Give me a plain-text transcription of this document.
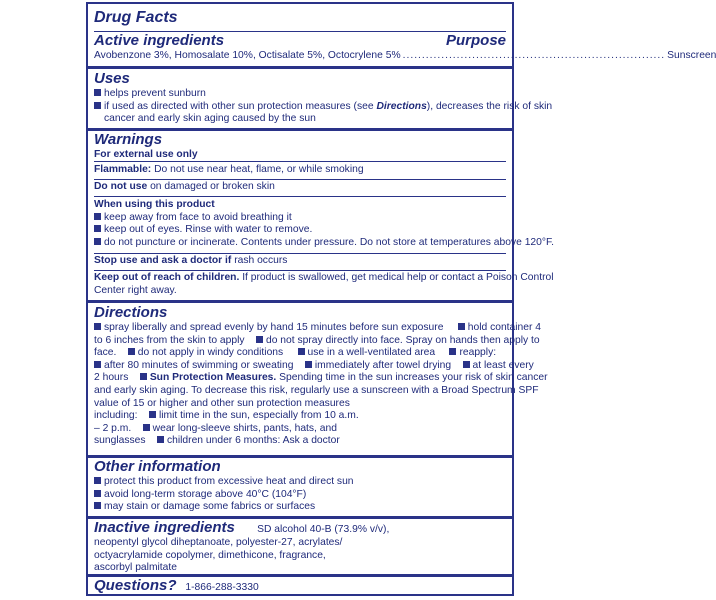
Drug Facts
Active ingredients	Purpose
Avobenzone 3%, Homosalate 10%, Octisalate 5%, Octocrylene 5% .................................................................... Sunscreen
Uses
helps prevent sunburn
if used as directed with other sun protection measures (see Directions), decreases the risk of skin
cancer and early skin aging caused by the sun
Warnings
For external use only
Flammable: Do not use near heat, flame, or while smoking
Do not use on damaged or broken skin
When using this product
keep away from face to avoid breathing it
keep out of eyes. Rinse with water to remove.
do not puncture or incinerate. Contents under pressure. Do not store at temperatures above 120°F.
Stop use and ask a doctor if rash occurs
Keep out of reach of children. If product is swallowed, get medical help or contact a Poison Control
Center right away.
Directions
spray liberally and spread evenly by hand 15 minutes before sun exposure hold container 4
to 6 inches from the skin to apply do not spray directly into face. Spray on hands then apply to
face. do not apply in windy conditions use in a well-ventilated area reapply:
after 80 minutes of swimming or sweating immediately after towel drying at least every
2 hours Sun Protection Measures. Spending time in the sun increases your risk of skin cancer
and early skin aging. To decrease this risk, regularly use a sunscreen with a Broad Spectrum SPF
value of 15 or higher and other sun protection measures
including: limit time in the sun, especially from 10 a.m.
– 2 p.m. wear long-sleeve shirts, pants, hats, and
sunglasses children under 6 months: Ask a doctor
Other information
protect this product from excessive heat and direct sun
avoid long-term storage above 40°C (104°F)
may stain or damage some fabrics or surfaces
Inactive ingredients SD alcohol 40-B (73.9% v/v),
neopentyl glycol diheptanoate, polyester-27, acrylates/
octyacrylamide copolymer, dimethicone, fragrance,
ascorbyl palmitate
Questions? 1-866-288-3330
